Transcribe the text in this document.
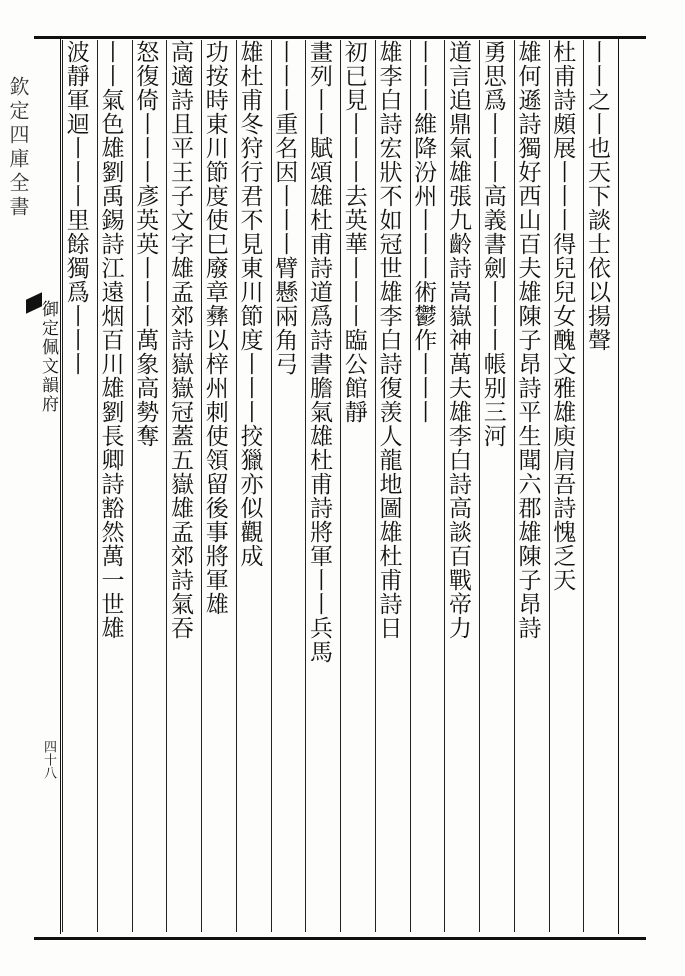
欽定四庫全書
御定佩文韻府
四十八
丨丨之丨也天下談士依以揚聲
杜甫詩頗展丨丨丨得兒兒女醜文雅雄庾肩吾詩愧乏天
雄何遜詩獨好西山百夫雄陳子昂詩平生聞六郡雄陳子昂詩
勇思爲丨丨丨高義書劍丨丨丨帳别三河
道言追鼎氣雄張九齡詩嵩嶽神萬夫雄李白詩高談百戰帝力
丨丨丨維降汾州丨丨丨術鬱作丨丨丨
雄李白詩宏狀不如冠世雄李白詩復羡人龍地圖雄杜甫詩日
初已見丨丨丨去英華丨丨丨臨公館靜
畫列丨丨賦頌雄杜甫詩道爲詩書膽氣雄杜甫詩將軍丨丨兵馬
丨丨丨重名因丨丨丨臂懸兩角弓
雄杜甫冬狩行君不見東川節度丨丨丨挍獵亦似觀成
功按時東川節度使巳廢章彝以梓州刺使領留後事將軍雄
高適詩且平王子文字雄孟郊詩嶽嶽冠蓋五嶽雄孟郊詩氣吞
怒復倚丨丨丨彥英英丨丨丨萬象高勢奪
丨丨氣色雄劉禹錫詩江遠烟百川雄劉長卿詩豁然萬一世雄
波靜軍迴丨丨丨里餘獨爲丨丨丨
